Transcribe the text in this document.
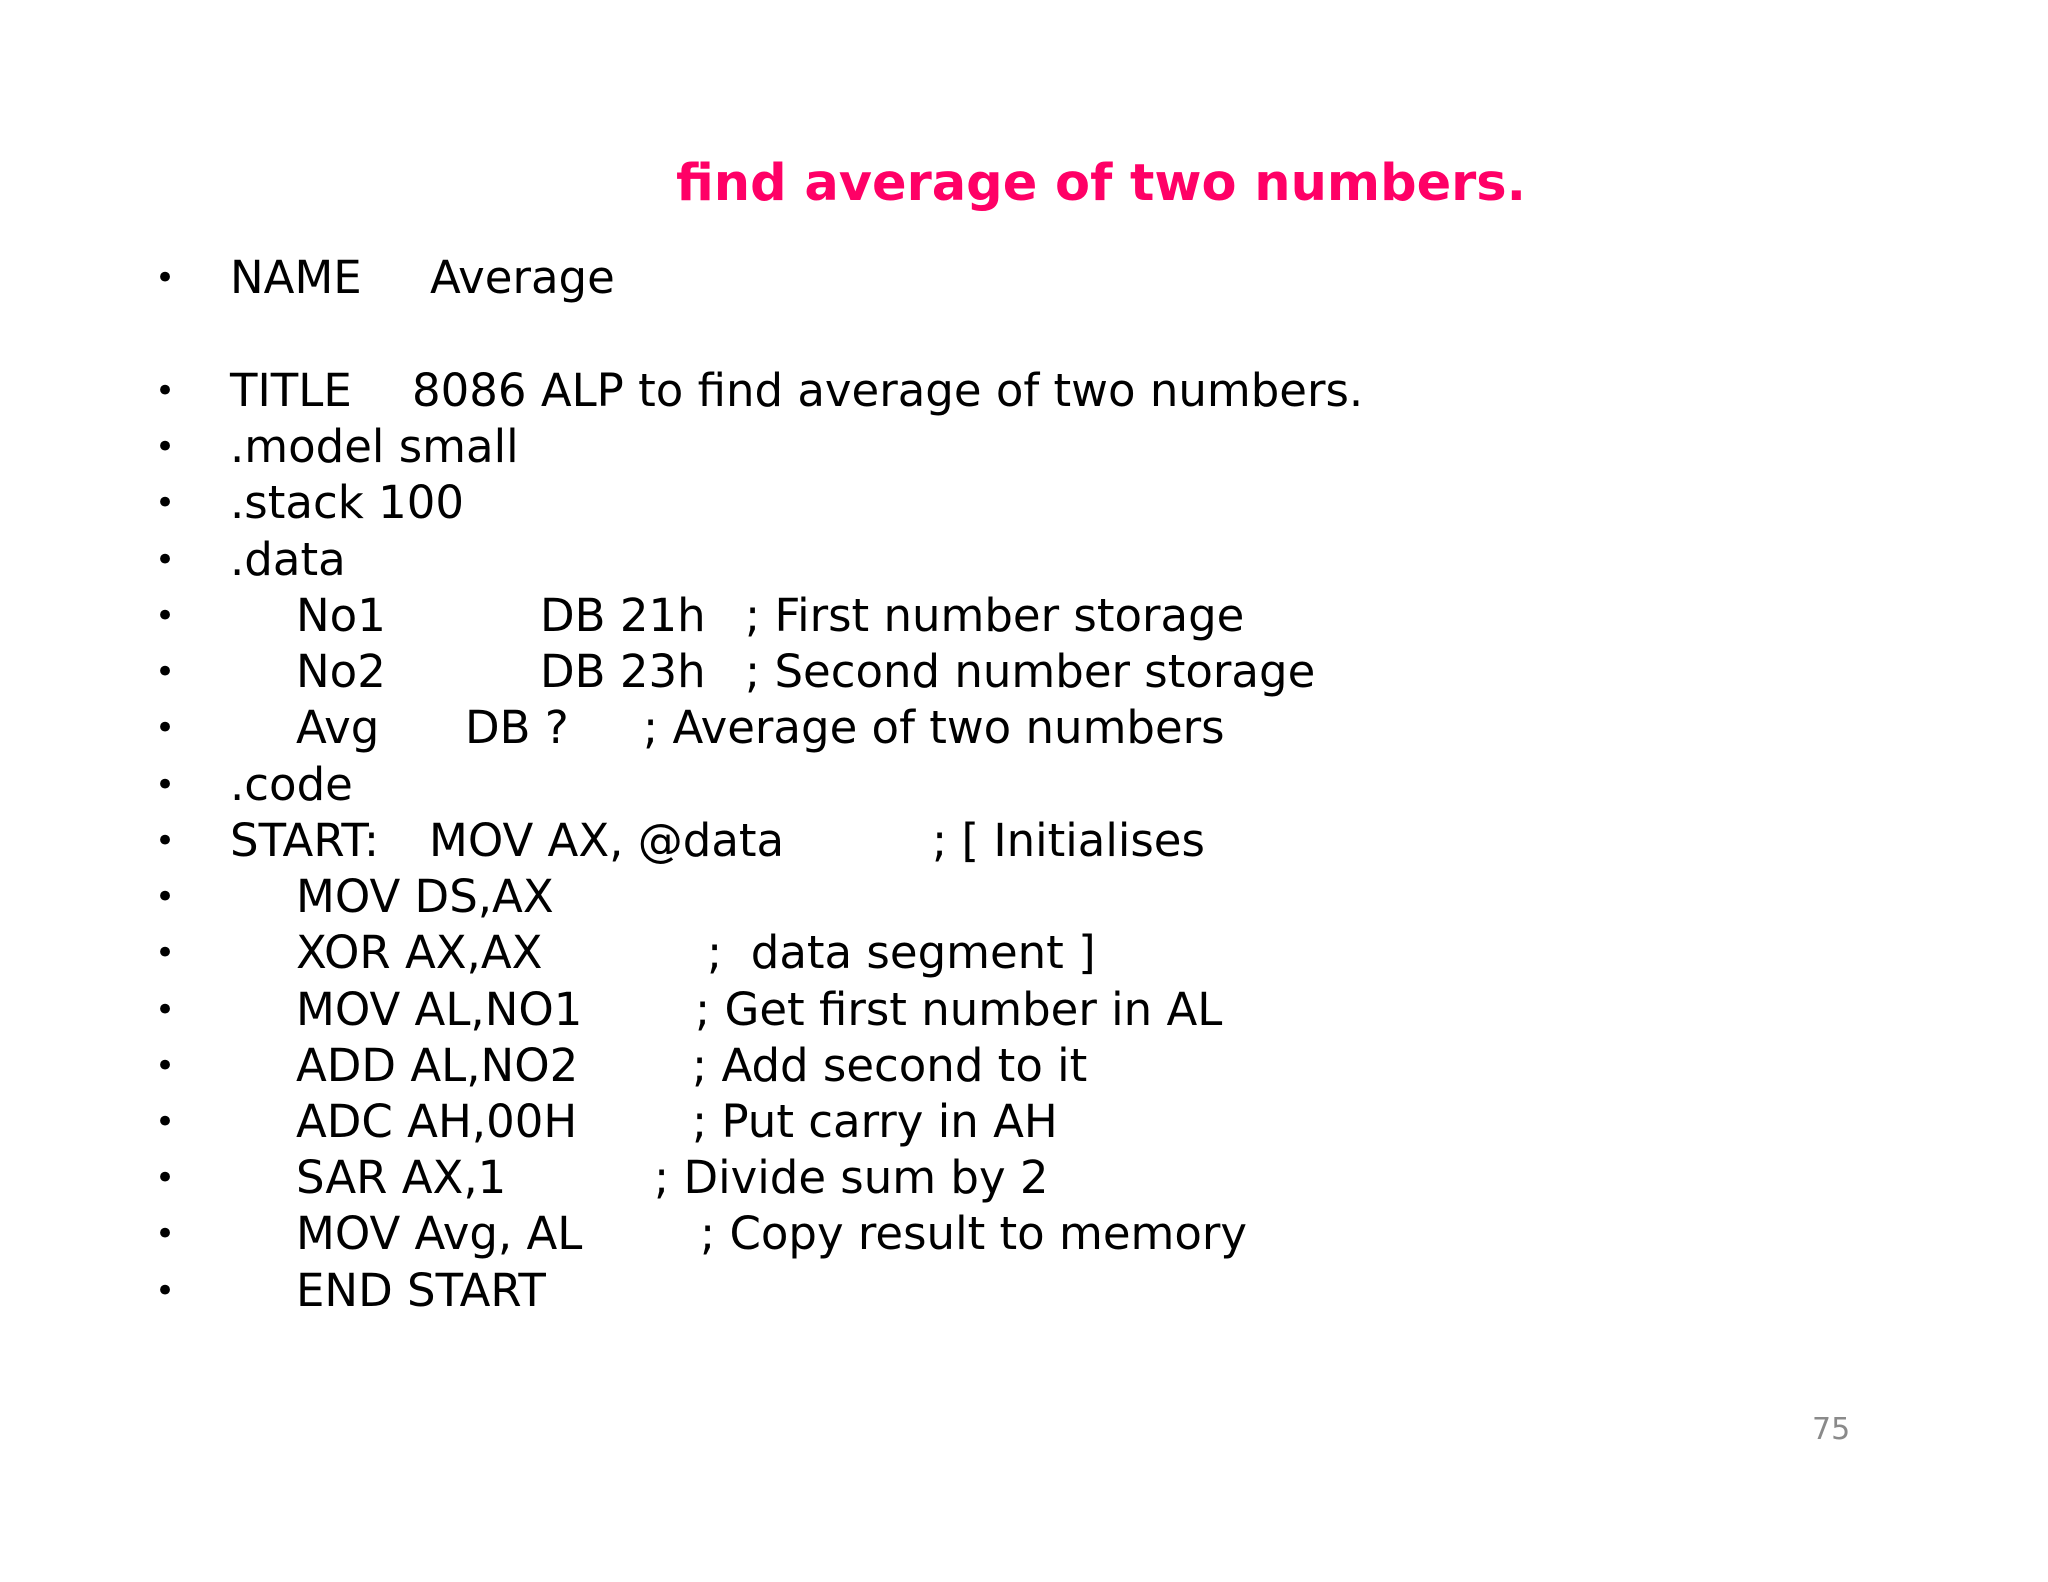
find average of two numbers.
• NAME Average
• TITLE 8086 ALP to find average of two numbers.
• .model small
• .stack 100
• .data
•	No1	DB 21h ; First number storage
•	No2	DB 23h ; Second number storage
•	Avg DB ? ; Average of two numbers
• .code
• START: MOV AX, @data	; [ Initialises
•	MOV DS,AX
•	XOR AX,AX	;  data segment ]
•	MOV AL,NO1	; Get first number in AL
•	ADD AL,NO2	; Add second to it
•	ADC AH,00H	; Put carry in AH
•	SAR AX,1	; Divide sum by 2
•	MOV Avg, AL	; Copy result to memory
•	END START
75
